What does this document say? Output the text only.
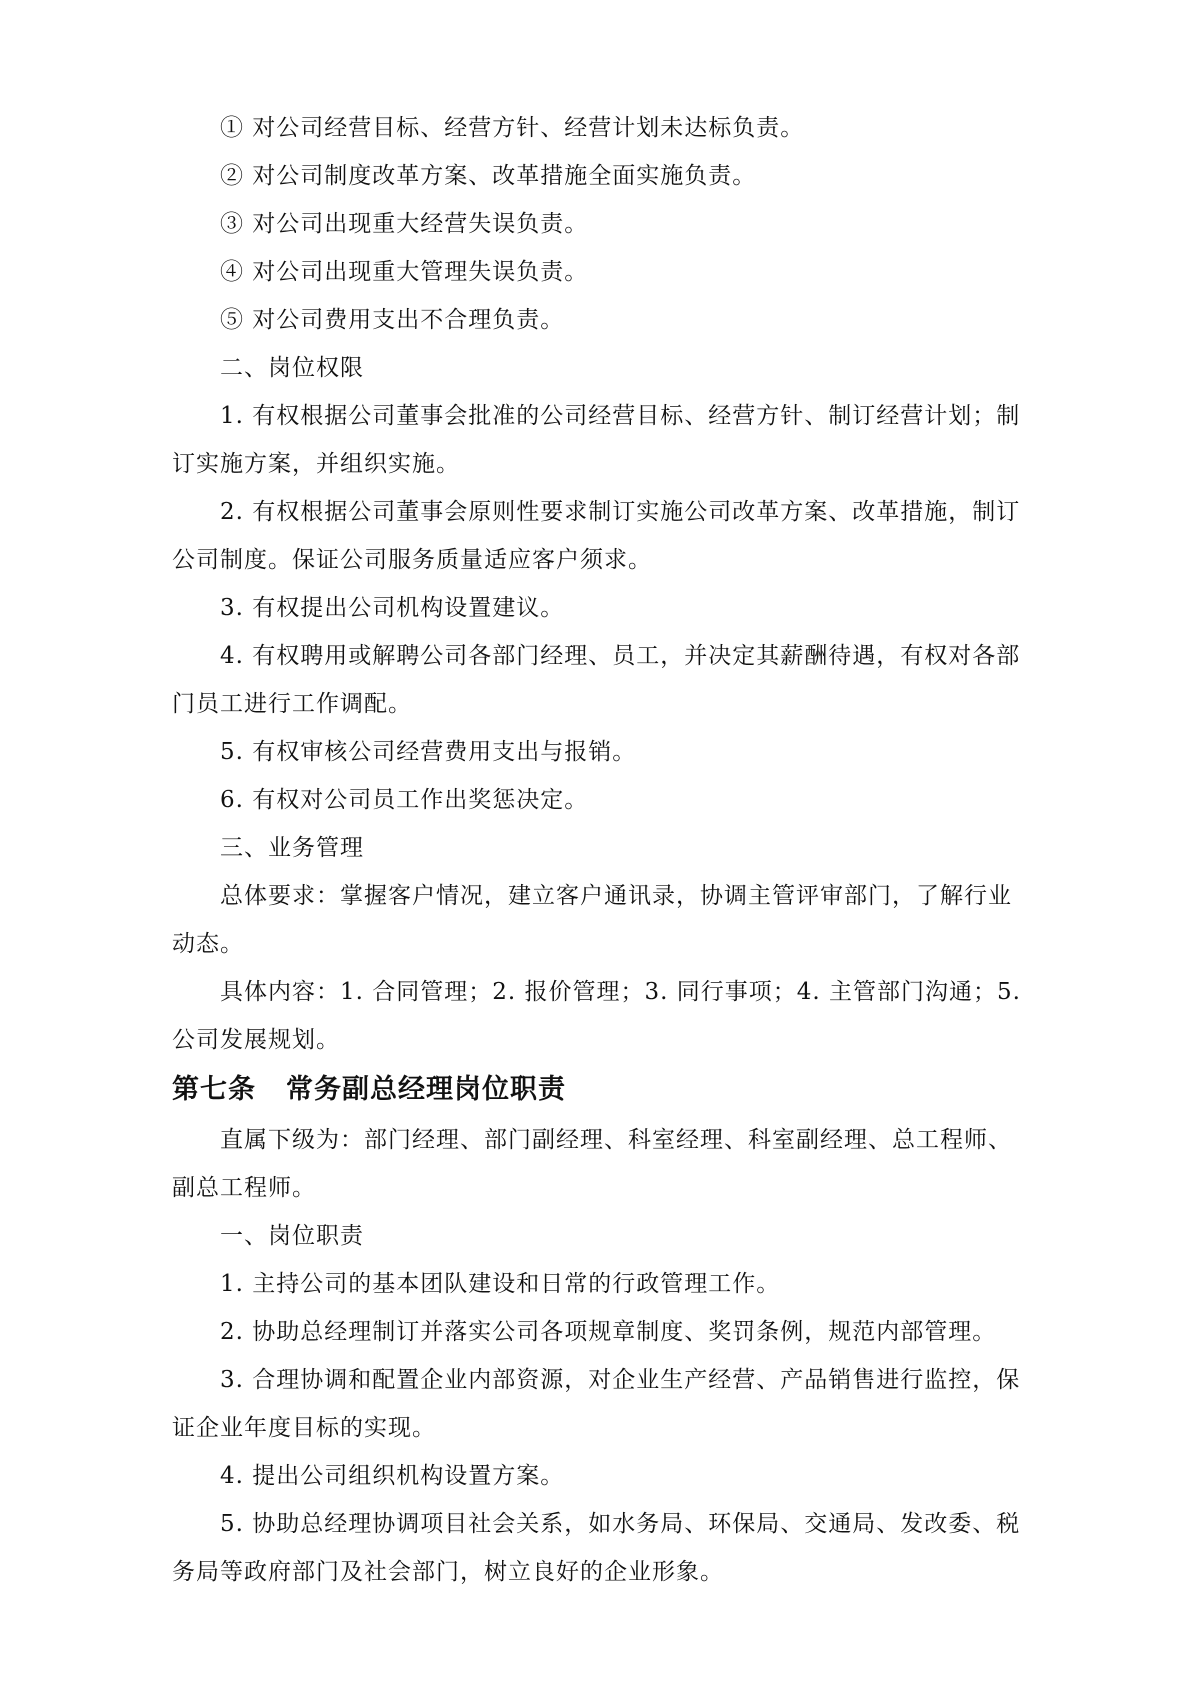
① 对公司经营目标、经营方针、经营计划未达标负责。

② 对公司制度改革方案、改革措施全面实施负责。

③ 对公司出现重大经营失误负责。

④ 对公司出现重大管理失误负责。

⑤ 对公司费用支出不合理负责。

二、岗位权限

1. 有权根据公司董事会批准的公司经营目标、经营方针、制订经营计划；制订实施方案，并组织实施。

2. 有权根据公司董事会原则性要求制订实施公司改革方案、改革措施，制订公司制度。保证公司服务质量适应客户须求。

3. 有权提出公司机构设置建议。

4. 有权聘用或解聘公司各部门经理、员工，并决定其薪酬待遇，有权对各部门员工进行工作调配。

5. 有权审核公司经营费用支出与报销。

6. 有权对公司员工作出奖惩决定。

三、业务管理

总体要求：掌握客户情况，建立客户通讯录，协调主管评审部门，了解行业动态。

具体内容：1. 合同管理；2. 报价管理；3. 同行事项；4. 主管部门沟通；5. 公司发展规划。

第七条 常务副总经理岗位职责

直属下级为：部门经理、部门副经理、科室经理、科室副经理、总工程师、副总工程师。

一、岗位职责

1. 主持公司的基本团队建设和日常的行政管理工作。

2. 协助总经理制订并落实公司各项规章制度、奖罚条例，规范内部管理。

3. 合理协调和配置企业内部资源，对企业生产经营、产品销售进行监控，保证企业年度目标的实现。

4. 提出公司组织机构设置方案。

5. 协助总经理协调项目社会关系，如水务局、环保局、交通局、发改委、税务局等政府部门及社会部门，树立良好的企业形象。
